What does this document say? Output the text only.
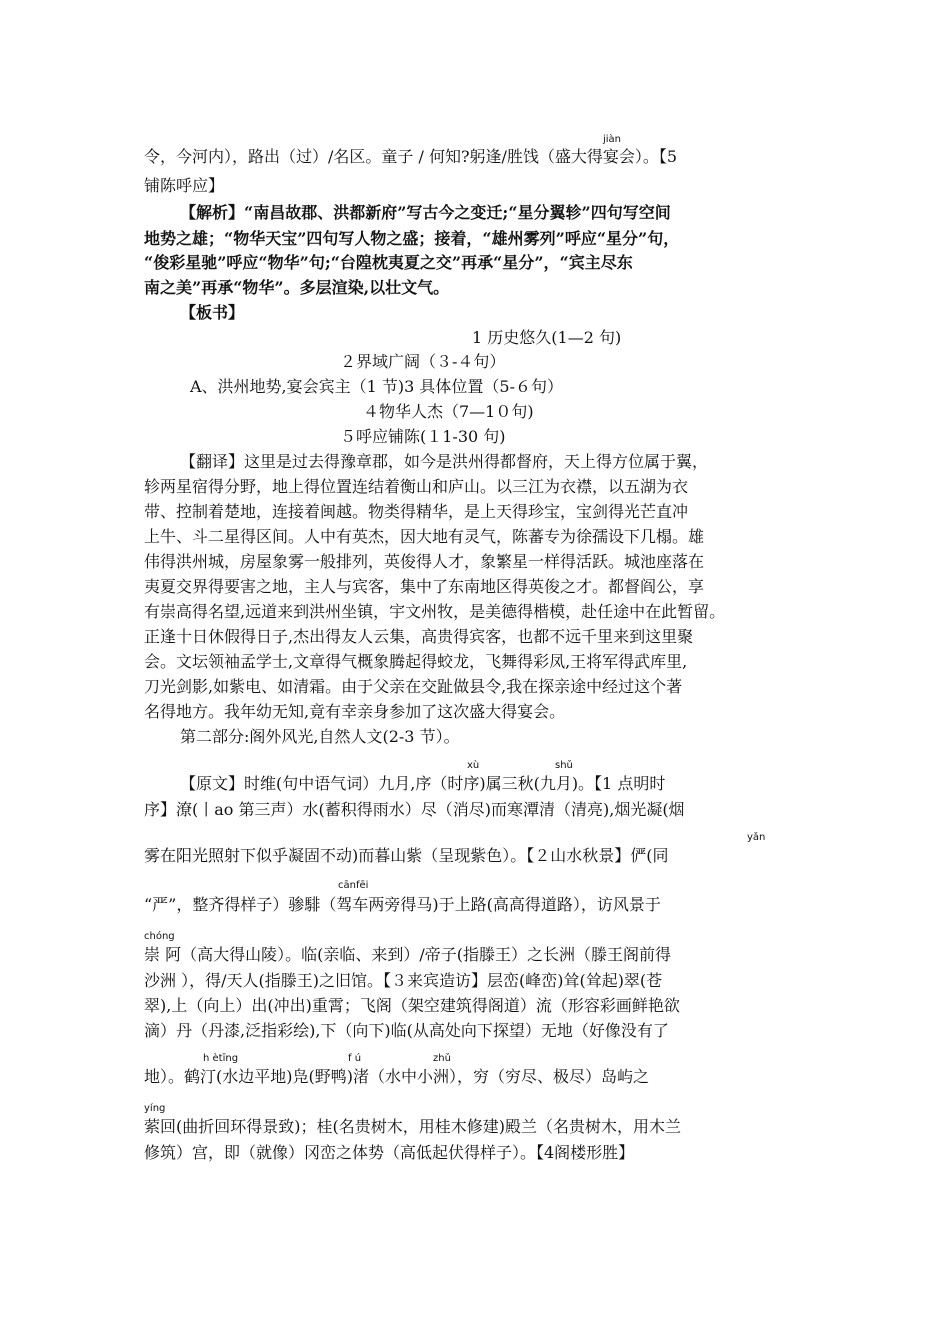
jiàn
xù	shǔ
yǎn
cānfēi
chóng
h ètīng	f ú	zhǔ
yíng

令，今河内），路出（过）/名区。童子 / 何知?躬逢/胜饯（盛大得宴会）。【5

铺陈呼应】

【解析】“南昌故郡、洪都新府”写古今之变迁;“星分翼轸”四句写空间

地势之雄；“物华天宝”四句写人物之盛；接着，“雄州雾列”呼应“星分”句，

“俊彩星驰”呼应“物华”句;“台隍枕夷夏之交”再承“星分”，“宾主尽东

南之美”再承“物华”。多层渲染,以壮文气。

【板书】

1 历史悠久(1—2 句)

２界域广阔（３-４句）

A、洪州地势,宴会宾主（1 节)3 具体位置（5-６句）

４物华人杰（7—1０句)

５呼应铺陈(１1-30 句)

【翻译】这里是过去得豫章郡，如今是洪州得都督府，天上得方位属于翼，

轸两星宿得分野，地上得位置连结着衡山和庐山。以三江为衣襟，以五湖为衣

带、控制着楚地，连接着闽越。物类得精华，是上天得珍宝，宝剑得光芒直冲

上牛、斗二星得区间。人中有英杰，因大地有灵气，陈蕃专为徐孺设下几榻。雄

伟得洪州城，房屋象雾一般排列，英俊得人才，象繁星一样得活跃。城池座落在

夷夏交界得要害之地，主人与宾客，集中了东南地区得英俊之才。都督阎公，享

有崇高得名望,远道来到洪州坐镇，宇文州牧，是美德得楷模，赴任途中在此暂留。

正逢十日休假得日子,杰出得友人云集，高贵得宾客，也都不远千里来到这里聚

会。文坛领袖孟学士,文章得气概象腾起得蛟龙，飞舞得彩凤,王将军得武库里,

刀光剑影,如紫电、如清霜。由于父亲在交趾做县令,我在探亲途中经过这个著

名得地方。我年幼无知,竟有幸亲身参加了这次盛大得宴会。

第二部分:阁外风光,自然人文(2-3 节）。

【原文】时维(句中语气词）九月,序（时序)属三秋(九月)。【1 点明时

序】潦(丨ao 第三声）水(蓄积得雨水）尽（消尽)而寒潭清（清亮),烟光凝(烟

雾在阳光照射下似乎凝固不动)而暮山紫（呈现紫色）。【２山水秋景】俨(同

“严”，整齐得样子）骖騑（驾车两旁得马)于上路(高高得道路），访风景于

崇 阿（高大得山陵）。临(亲临、来到）/帝子(指滕王）之长洲（滕王阁前得

沙洲 ），得/天人(指滕王)之旧馆。【３来宾造访】层峦(峰峦)耸(耸起)翠(苍

翠),上（向上）出(冲出)重霄；飞阁（架空建筑得阁道）流（形容彩画鲜艳欲

滴）丹（丹漆,泛指彩绘),下（向下)临(从高处向下探望）无地（好像没有了

地）。鹤汀(水边平地)凫(野鸭)渚（水中小洲），穷（穷尽、极尽）岛屿之

萦回(曲折回环得景致)；桂(名贵树木，用桂木修建)殿兰（名贵树木，用木兰

修筑）宫，即（就像）冈峦之体势（高低起伏得样子）。【4阁楼形胜】
